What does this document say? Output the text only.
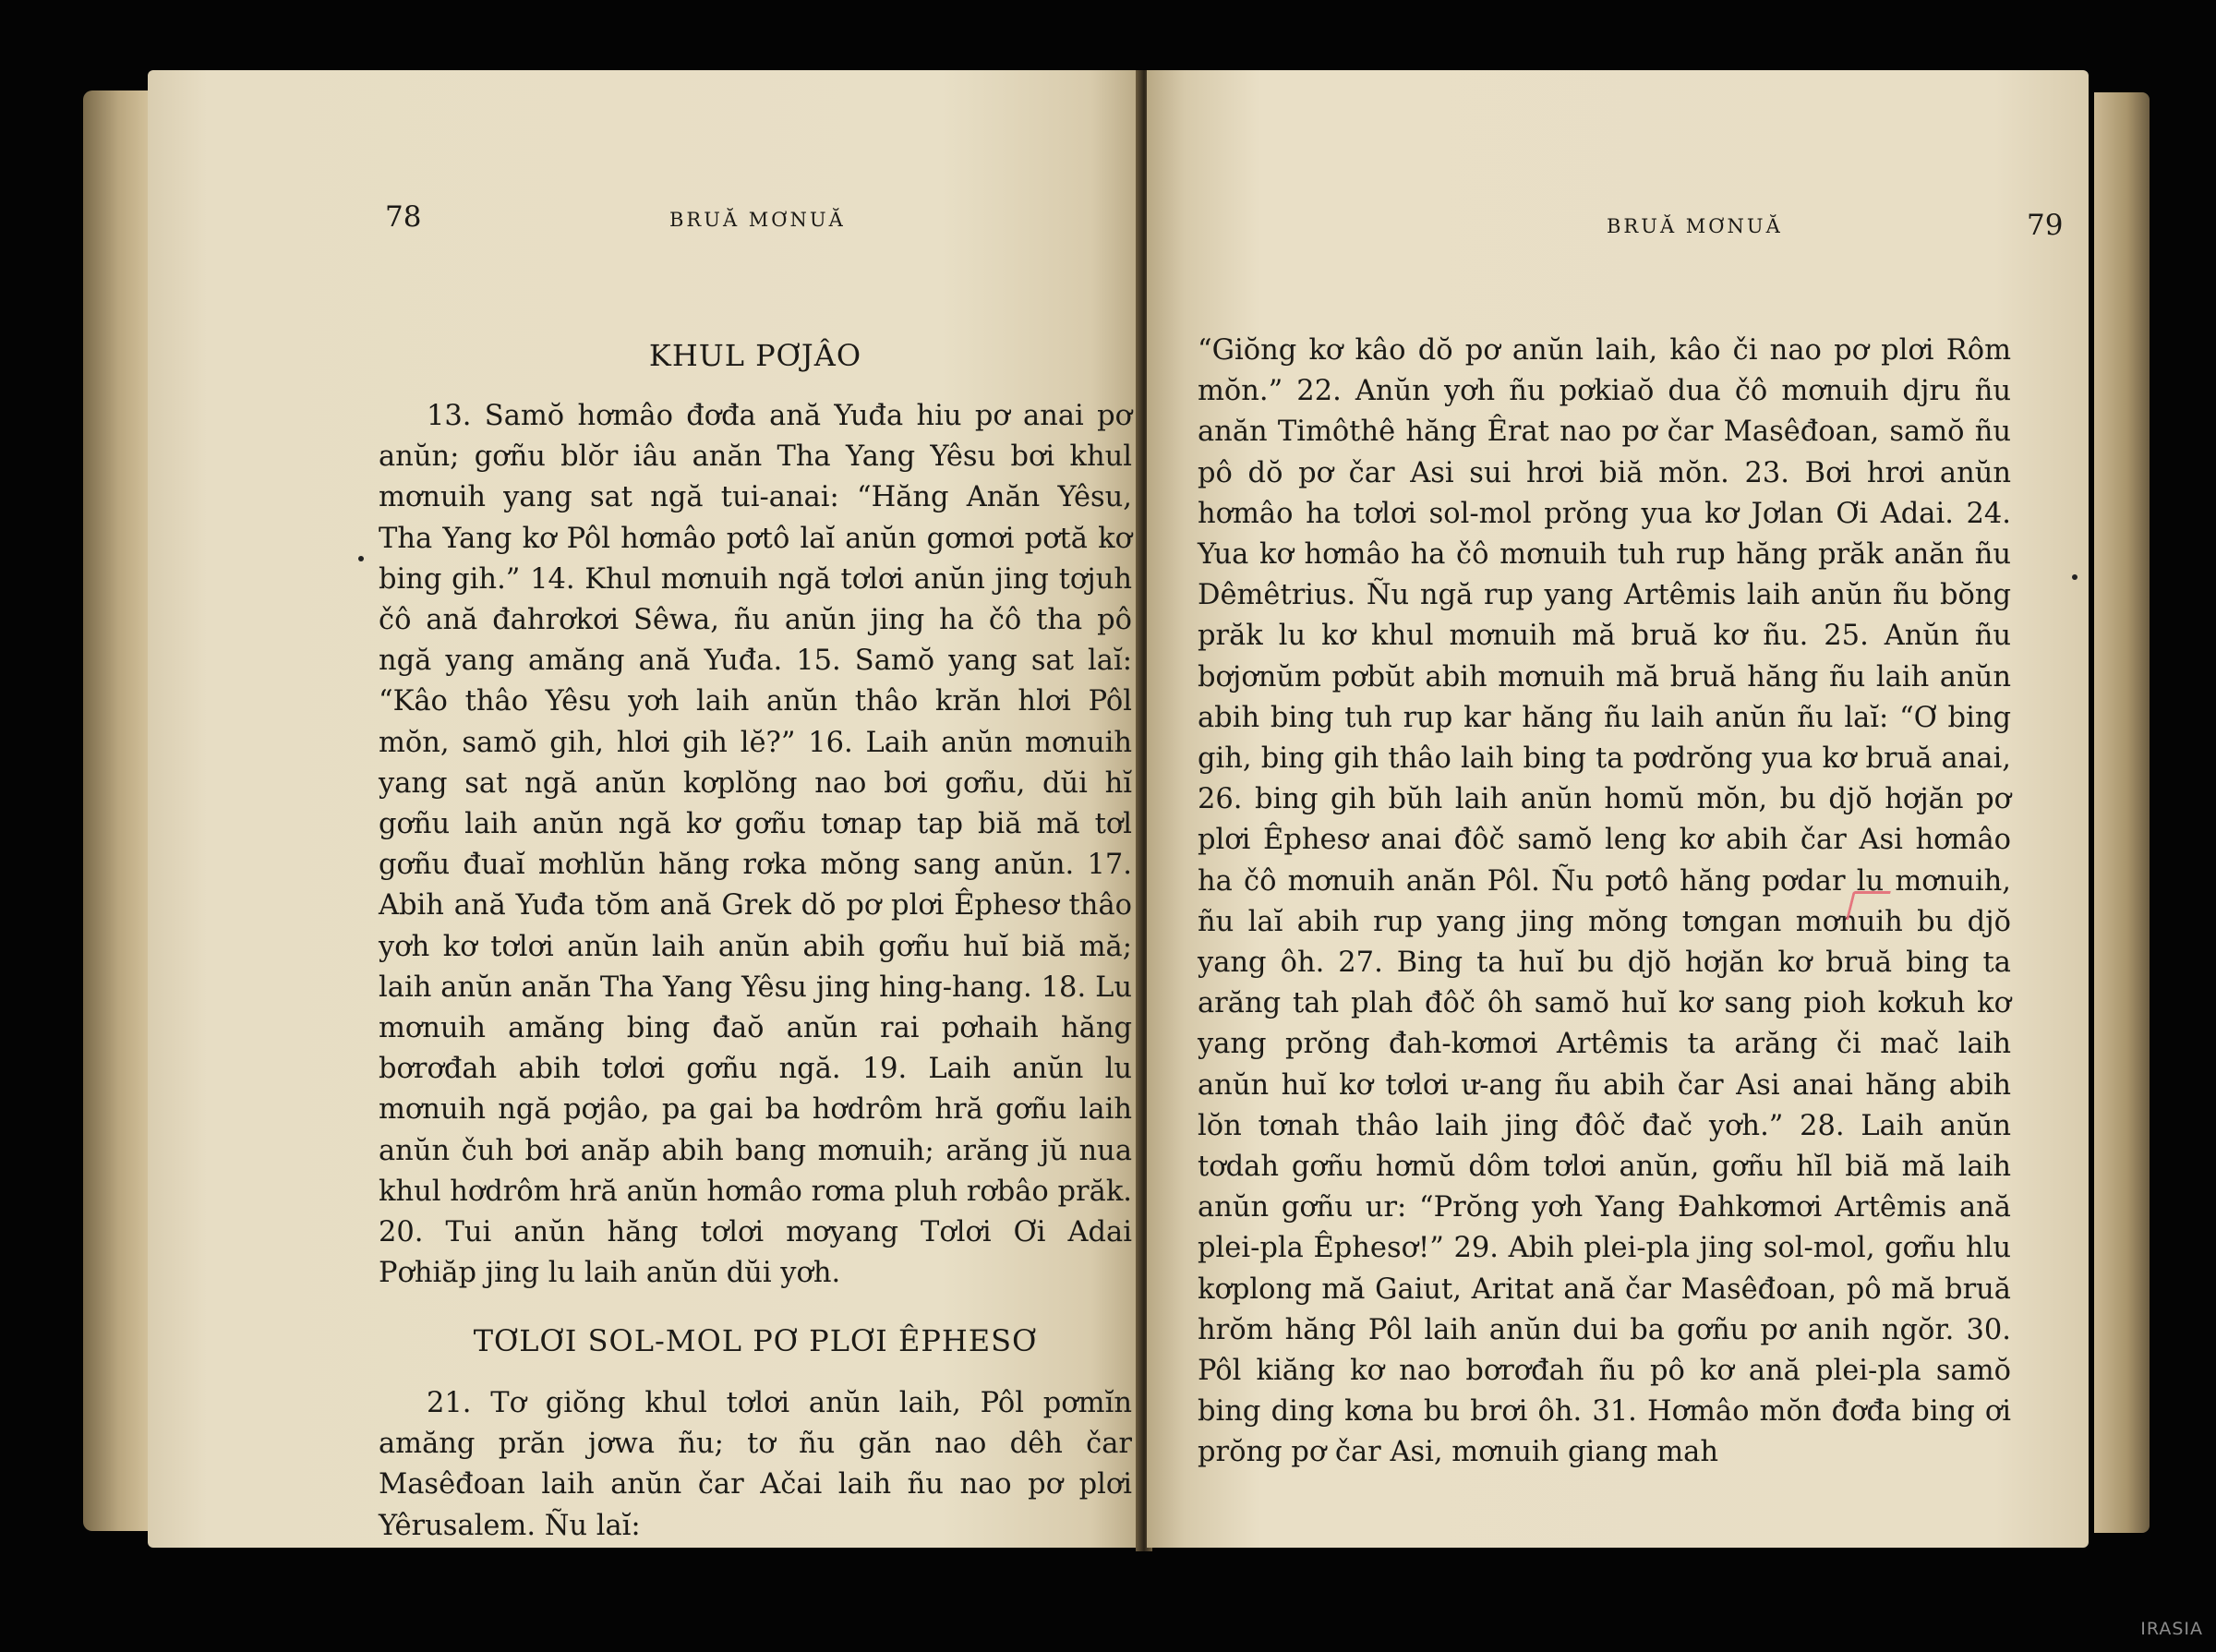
78	BRUĂ MƠNUĂ

KHUL PƠJÂO

13. Samŏ hơmâo đơđa ană Yuđa hiu pơ anai pơ anŭn; gơñu blŏr iâu anăn Tha Yang Yêsu bơi khul mơnuih yang sat ngă tui-anai: “Hăng Anăn Yêsu, Tha Yang kơ Pôl hơmâo pơtô laĭ anŭn gơmơi pơtă kơ bing gih.” 14. Khul mơnuih ngă tơlơi anŭn jing tơjuh čô ană đahrơkơi Sêwa, ñu anŭn jing ha čô tha pô ngă yang amăng ană Yuđa. 15. Samŏ yang sat laĭ: “Kâo thâo Yêsu yơh laih anŭn thâo krăn hlơi Pôl mŏn, samŏ gih, hlơi gih lĕ?” 16. Laih anŭn mơnuih yang sat ngă anŭn kơplŏng nao bơi gơñu, dŭi hĭ gơñu laih anŭn ngă kơ gơñu tơnap tap biă mă tơl gơñu đuaĭ mơhlŭn hăng rơka mŏng sang anŭn. 17. Abih ană Yuđa tŏm ană Grek dŏ pơ plơi Êphesơ thâo yơh kơ tơlơi anŭn laih anŭn abih gơñu huĭ biă mă; laih anŭn anăn Tha Yang Yêsu jing hing-hang. 18. Lu mơnuih amăng bing đaŏ anŭn rai pơhaih hăng bơrơđah abih tơlơi gơñu ngă. 19. Laih anŭn lu mơnuih ngă pơjâo, pa gai ba hơdrôm hră gơñu laih anŭn čuh bơi anăp abih bang mơnuih; arăng jŭ nua khul hơdrôm hră anŭn hơmâo rơma pluh rơbâo prăk. 20. Tui anŭn hăng tơlơi mơyang Tơlơi Ơi Adai Pơhiăp jing lu laih anŭn dŭi yơh.

TƠLƠI SOL-MOL PƠ PLƠI ÊPHESƠ

21. Tơ giŏng khul tơlơi anŭn laih, Pôl pơmĭn amăng prăn jơwa ñu; tơ ñu găn nao dêh čar Masêđoan laih anŭn čar Ačai laih ñu nao pơ plơi Yêrusalem. Ñu laĭ:

BRUĂ MƠNUĂ	79

“Giŏng kơ kâo dŏ pơ anŭn laih, kâo či nao pơ plơi Rôm mŏn.” 22. Anŭn yơh ñu pơkiaŏ dua čô mơnuih djru ñu anăn Timôthê hăng Êrat nao pơ čar Masêđoan, samŏ ñu pô dŏ pơ čar Asi sui hrơi biă mŏn. 23. Bơi hrơi anŭn hơmâo ha tơlơi sol-mol prŏng yua kơ Jơlan Ơi Adai. 24. Yua kơ hơmâo ha čô mơnuih tuh rup hăng prăk anăn ñu Dêmêtrius. Ñu ngă rup yang Artêmis laih anŭn ñu bŏng prăk lu kơ khul mơnuih mă bruă kơ ñu. 25. Anŭn ñu bơjơnŭm pơbŭt abih mơnuih mă bruă hăng ñu laih anŭn abih bing tuh rup kar hăng ñu laih anŭn ñu laĭ: “Ơ bing gih, bing gih thâo laih bing ta pơdrŏng yua kơ bruă anai, 26. bing gih bŭh laih anŭn homŭ mŏn, bu djŏ hơjăn pơ plơi Êphesơ anai đôč samŏ leng kơ abih čar Asi hơmâo ha čô mơnuih anăn Pôl. Ñu pơtô hăng pơdar lu mơnuih, ñu laĭ abih rup yang jing mŏng tơngan mơnuih bu djŏ yang ôh. 27. Bing ta huĭ bu djŏ hơjăn kơ bruă bing ta arăng tah plah đôč ôh samŏ huĭ kơ sang pioh kơkuh kơ yang prŏng đah-kơmơi Artêmis ta arăng či mač laih anŭn huĭ kơ tơlơi ư-ang ñu abih čar Asi anai hăng abih lŏn tơnah thâo laih jing đôč đač yơh.” 28. Laih anŭn tơdah gơñu hơmŭ dôm tơlơi anŭn, gơñu hĭl biă mă laih anŭn gơñu ur: “Prŏng yơh Yang Đahkơmơi Artêmis ană plei-pla Êphesơ!” 29. Abih plei-pla jing sol-mol, gơñu hlu kơplong mă Gaiut, Aritat ană čar Masêđoan, pô mă bruă hrŏm hăng Pôl laih anŭn dui ba gơñu pơ anih ngŏr. 30. Pôl kiăng kơ nao bơrơđah ñu pô kơ ană plei-pla samŏ bing ding kơna bu brơi ôh. 31. Hơmâo mŏn đơđa bing ơi prŏng pơ čar Asi, mơnuih giang mah

IRASIA
